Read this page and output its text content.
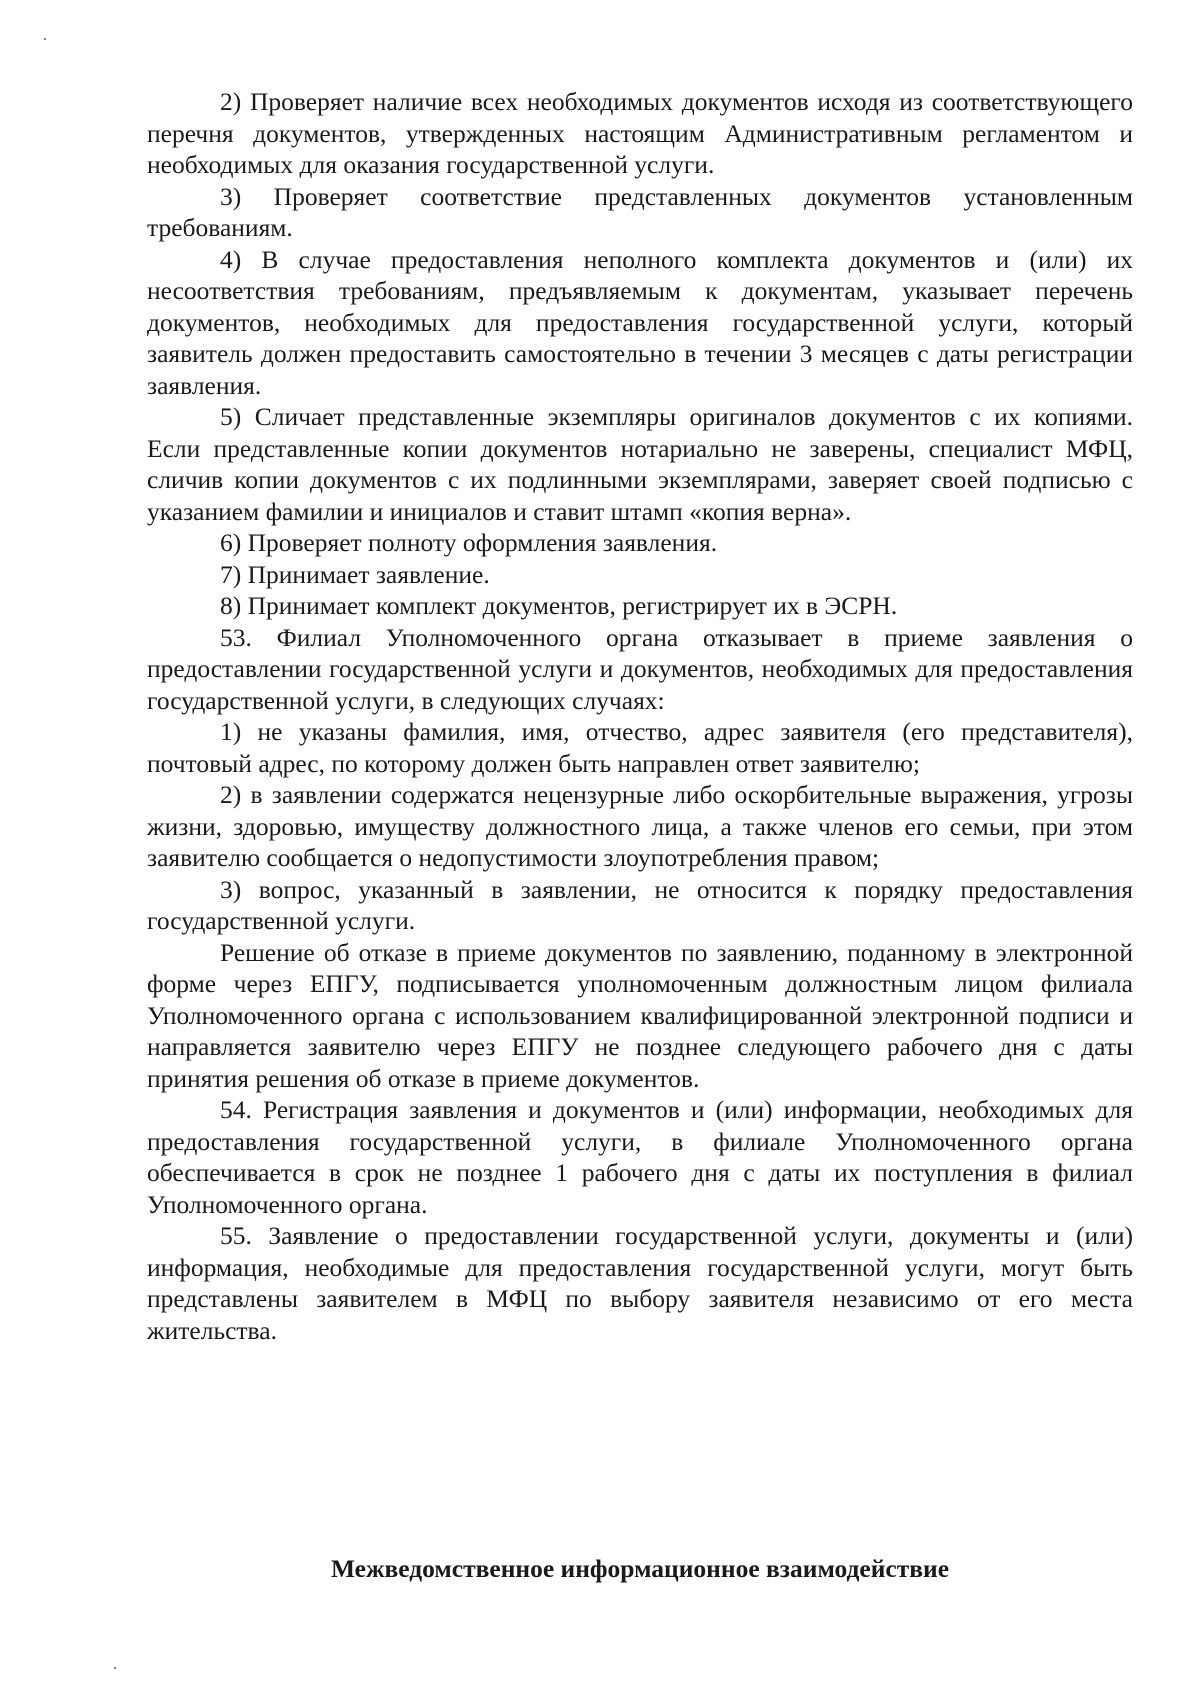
2) Проверяет наличие всех необходимых документов исходя из соответствующего перечня документов, утвержденных настоящим Административным регламентом и необходимых для оказания государственной услуги.

3) Проверяет соответствие представленных документов установленным требованиям.

4) В случае предоставления неполного комплекта документов и (или) их несоответствия требованиям, предъявляемым к документам, указывает перечень документов, необходимых для предоставления государственной услуги, который заявитель должен предоставить самостоятельно в течении 3 месяцев с даты регистрации заявления.

5) Сличает представленные экземпляры оригиналов документов с их копиями. Если представленные копии документов нотариально не заверены, специалист МФЦ, сличив копии документов с их подлинными экземплярами, заверяет своей подписью с указанием фамилии и инициалов и ставит штамп «копия верна».

6) Проверяет полноту оформления заявления.

7) Принимает заявление.

8) Принимает комплект документов, регистрирует их в ЭСРН.

53. Филиал Уполномоченного органа отказывает в приеме заявления о предоставлении государственной услуги и документов, необходимых для предоставления государственной услуги, в следующих случаях:

1) не указаны фамилия, имя, отчество, адрес заявителя (его представителя), почтовый адрес, по которому должен быть направлен ответ заявителю;

2) в заявлении содержатся нецензурные либо оскорбительные выражения, угрозы жизни, здоровью, имуществу должностного лица, а также членов его семьи, при этом заявителю сообщается о недопустимости злоупотребления правом;

3) вопрос, указанный в заявлении, не относится к порядку предоставления государственной услуги.

Решение об отказе в приеме документов по заявлению, поданному в электронной форме через ЕПГУ, подписывается уполномоченным должностным лицом филиала Уполномоченного органа с использованием квалифицированной электронной подписи и направляется заявителю через ЕПГУ не позднее следующего рабочего дня с даты принятия решения об отказе в приеме документов.

54. Регистрация заявления и документов и (или) информации, необходимых для предоставления государственной услуги, в филиале Уполномоченного органа обеспечивается в срок не позднее 1 рабочего дня с даты их поступления в филиал Уполномоченного органа.

55. Заявление о предоставлении государственной услуги, документы и (или) информация, необходимые для предоставления государственной услуги, могут быть представлены заявителем в МФЦ по выбору заявителя независимо от его места жительства.

Межведомственное информационное взаимодействие
